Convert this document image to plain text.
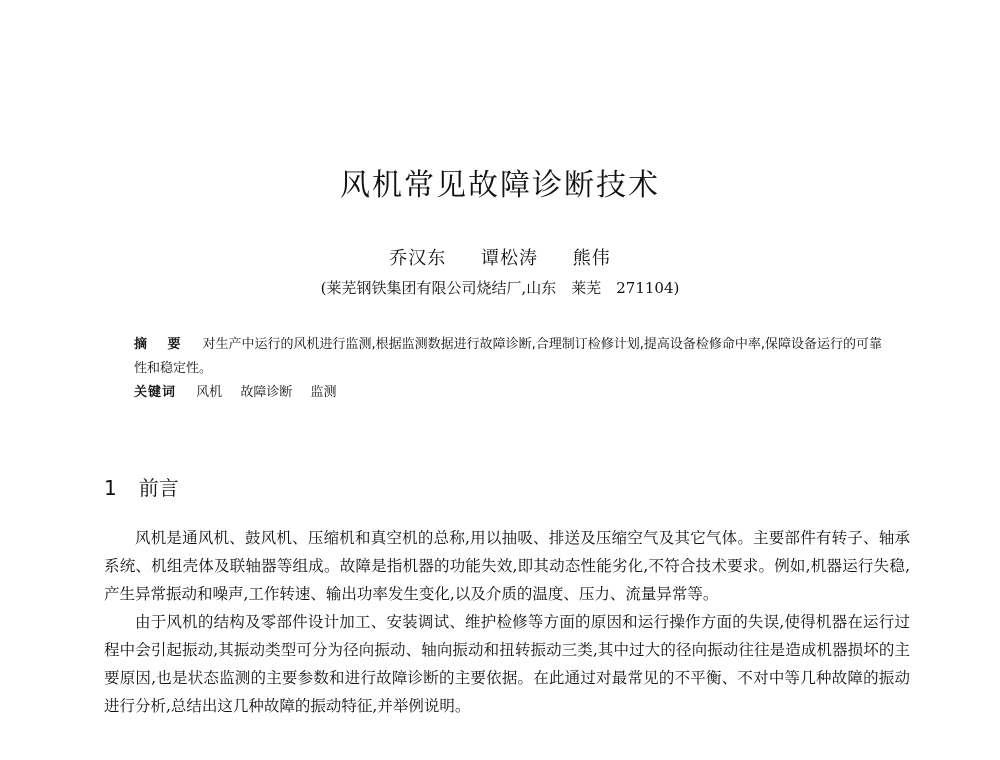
风机常见故障诊断技术
乔汉东 谭松涛 熊伟
(莱芜钢铁集团有限公司烧结厂,山东　莱芜　271104)
摘 要 对生产中运行的风机进行监测,根据监测数据进行故障诊断,合理制订检修计划,提高设备检修命中率,保障设备运行的可靠性和稳定性。
关键词 风机 故障诊断 监测
1 前言

风机是通风机、鼓风机、压缩机和真空机的总称,用以抽吸、排送及压缩空气及其它气体。主要部件有转子、轴承系统、机组壳体及联轴器等组成。故障是指机器的功能失效,即其动态性能劣化,不符合技术要求。例如,机器运行失稳,产生异常振动和噪声,工作转速、输出功率发生变化,以及介质的温度、压力、流量异常等。

由于风机的结构及零部件设计加工、安装调试、维护检修等方面的原因和运行操作方面的失误,使得机器在运行过程中会引起振动,其振动类型可分为径向振动、轴向振动和扭转振动三类,其中过大的径向振动往往是造成机器损坏的主要原因,也是状态监测的主要参数和进行故障诊断的主要依据。在此通过对最常见的不平衡、不对中等几种故障的振动进行分析,总结出这几种故障的振动特征,并举例说明。
